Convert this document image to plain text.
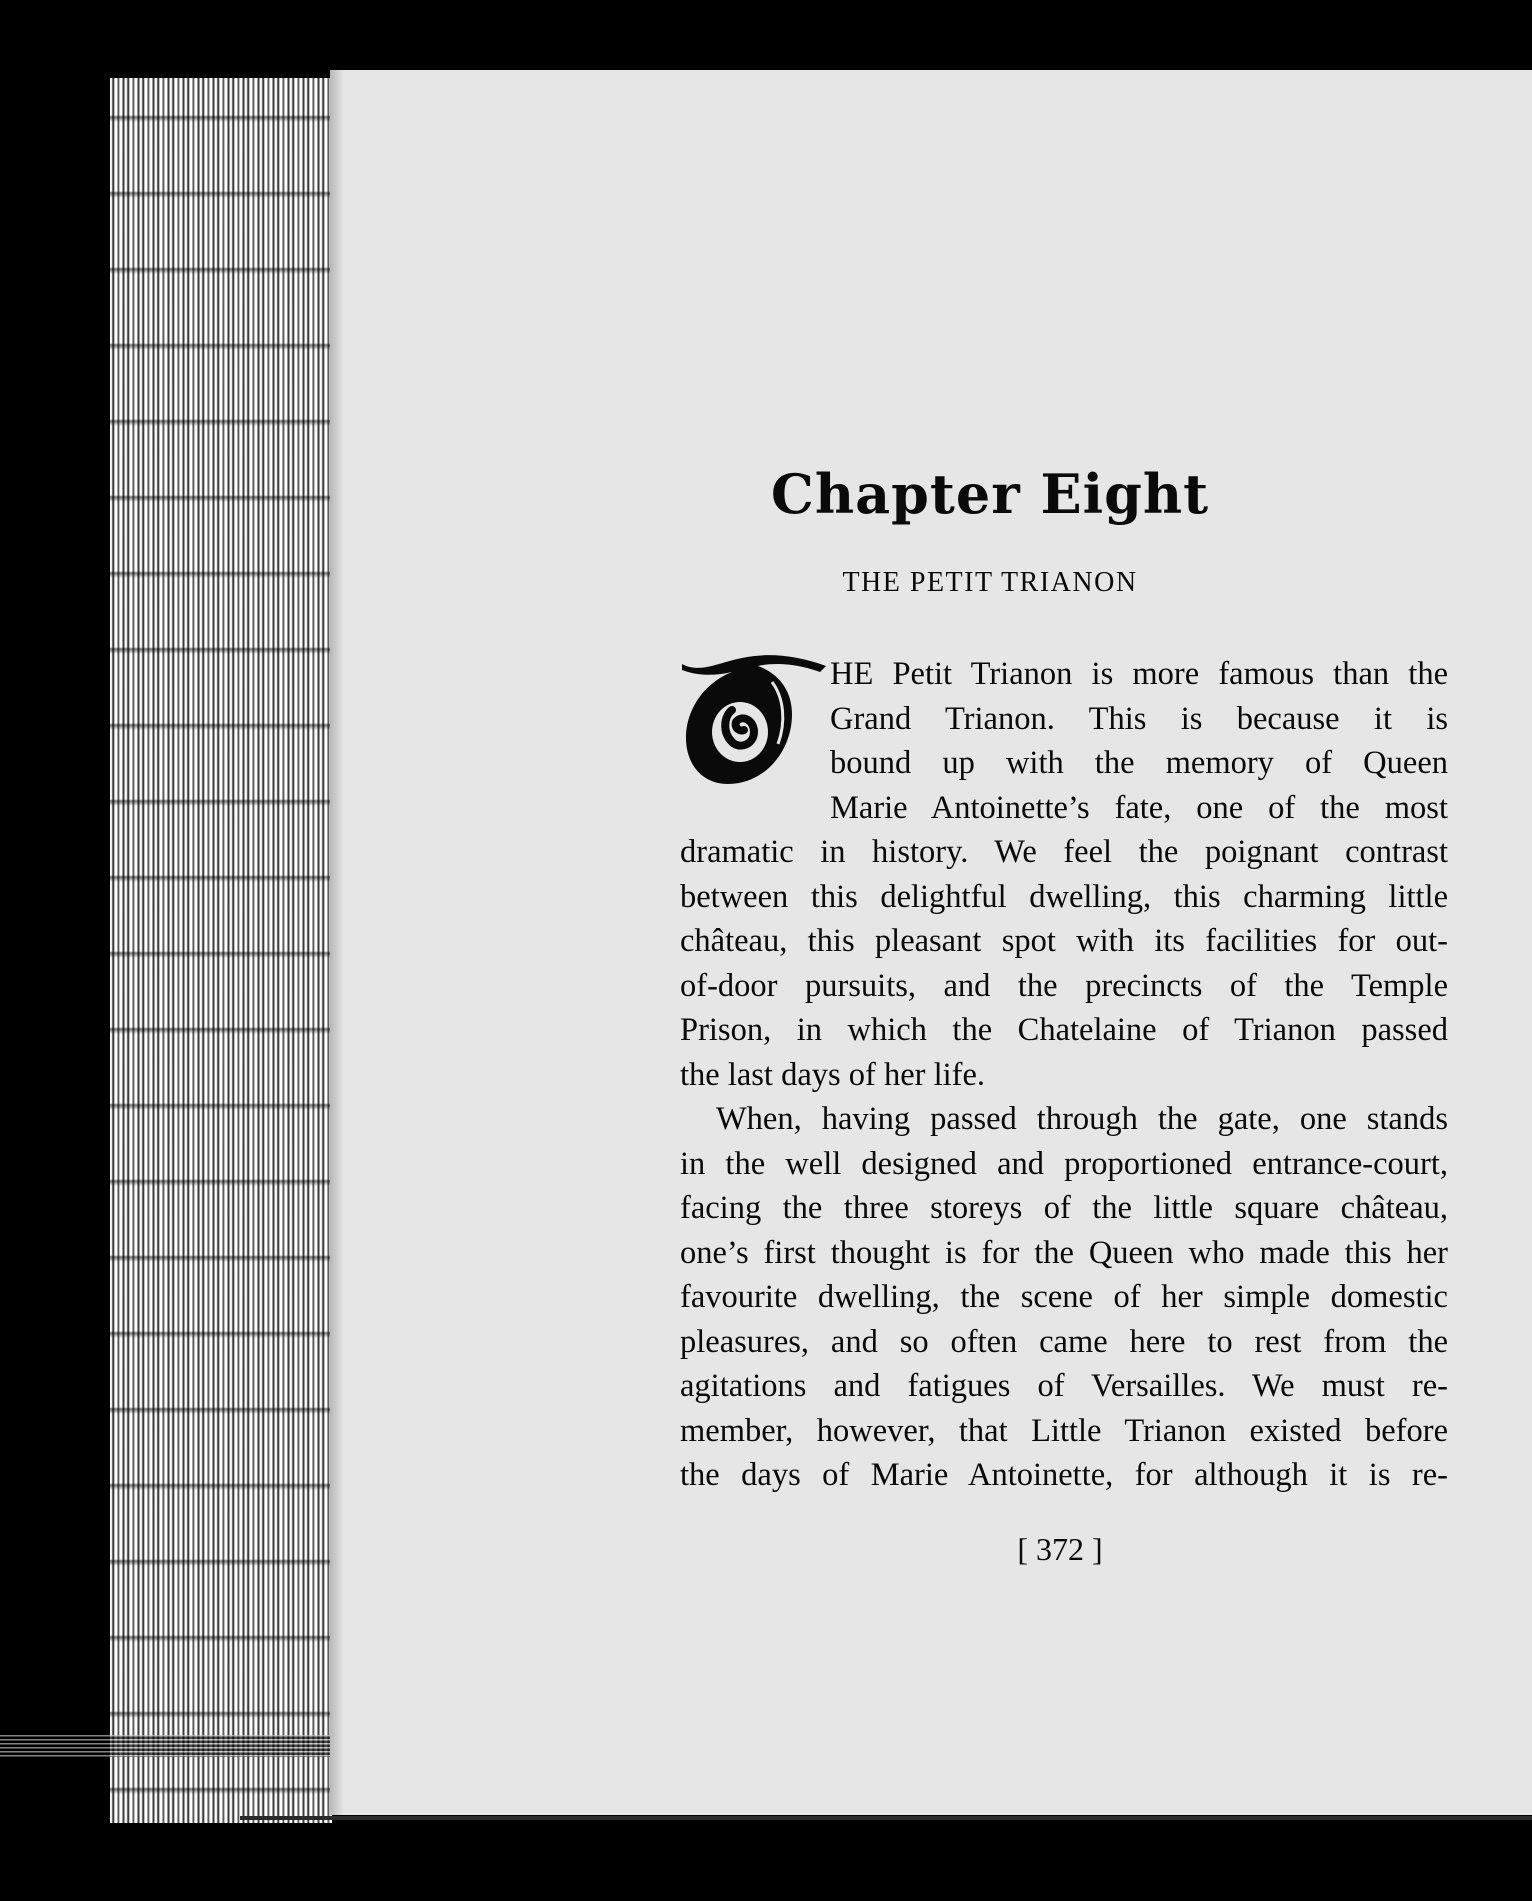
Chapter Eight
THE PETIT TRIANON
HE Petit Trianon is more famous than the
Grand Trianon. This is because it is
bound up with the memory of Queen
Marie Antoinette’s fate, one of the most
dramatic in history. We feel the poignant contrast
between this delightful dwelling, this charming little
château, this pleasant spot with its facilities for out-
of-door pursuits, and the precincts of the Temple
Prison, in which the Chatelaine of Trianon passed
the last days of her life.
When, having passed through the gate, one stands
in the well designed and proportioned entrance-court,
facing the three storeys of the little square château,
one’s first thought is for the Queen who made this her
favourite dwelling, the scene of her simple domestic
pleasures, and so often came here to rest from the
agitations and fatigues of Versailles. We must re-
member, however, that Little Trianon existed before
the days of Marie Antoinette, for although it is re-
[ 372 ]
